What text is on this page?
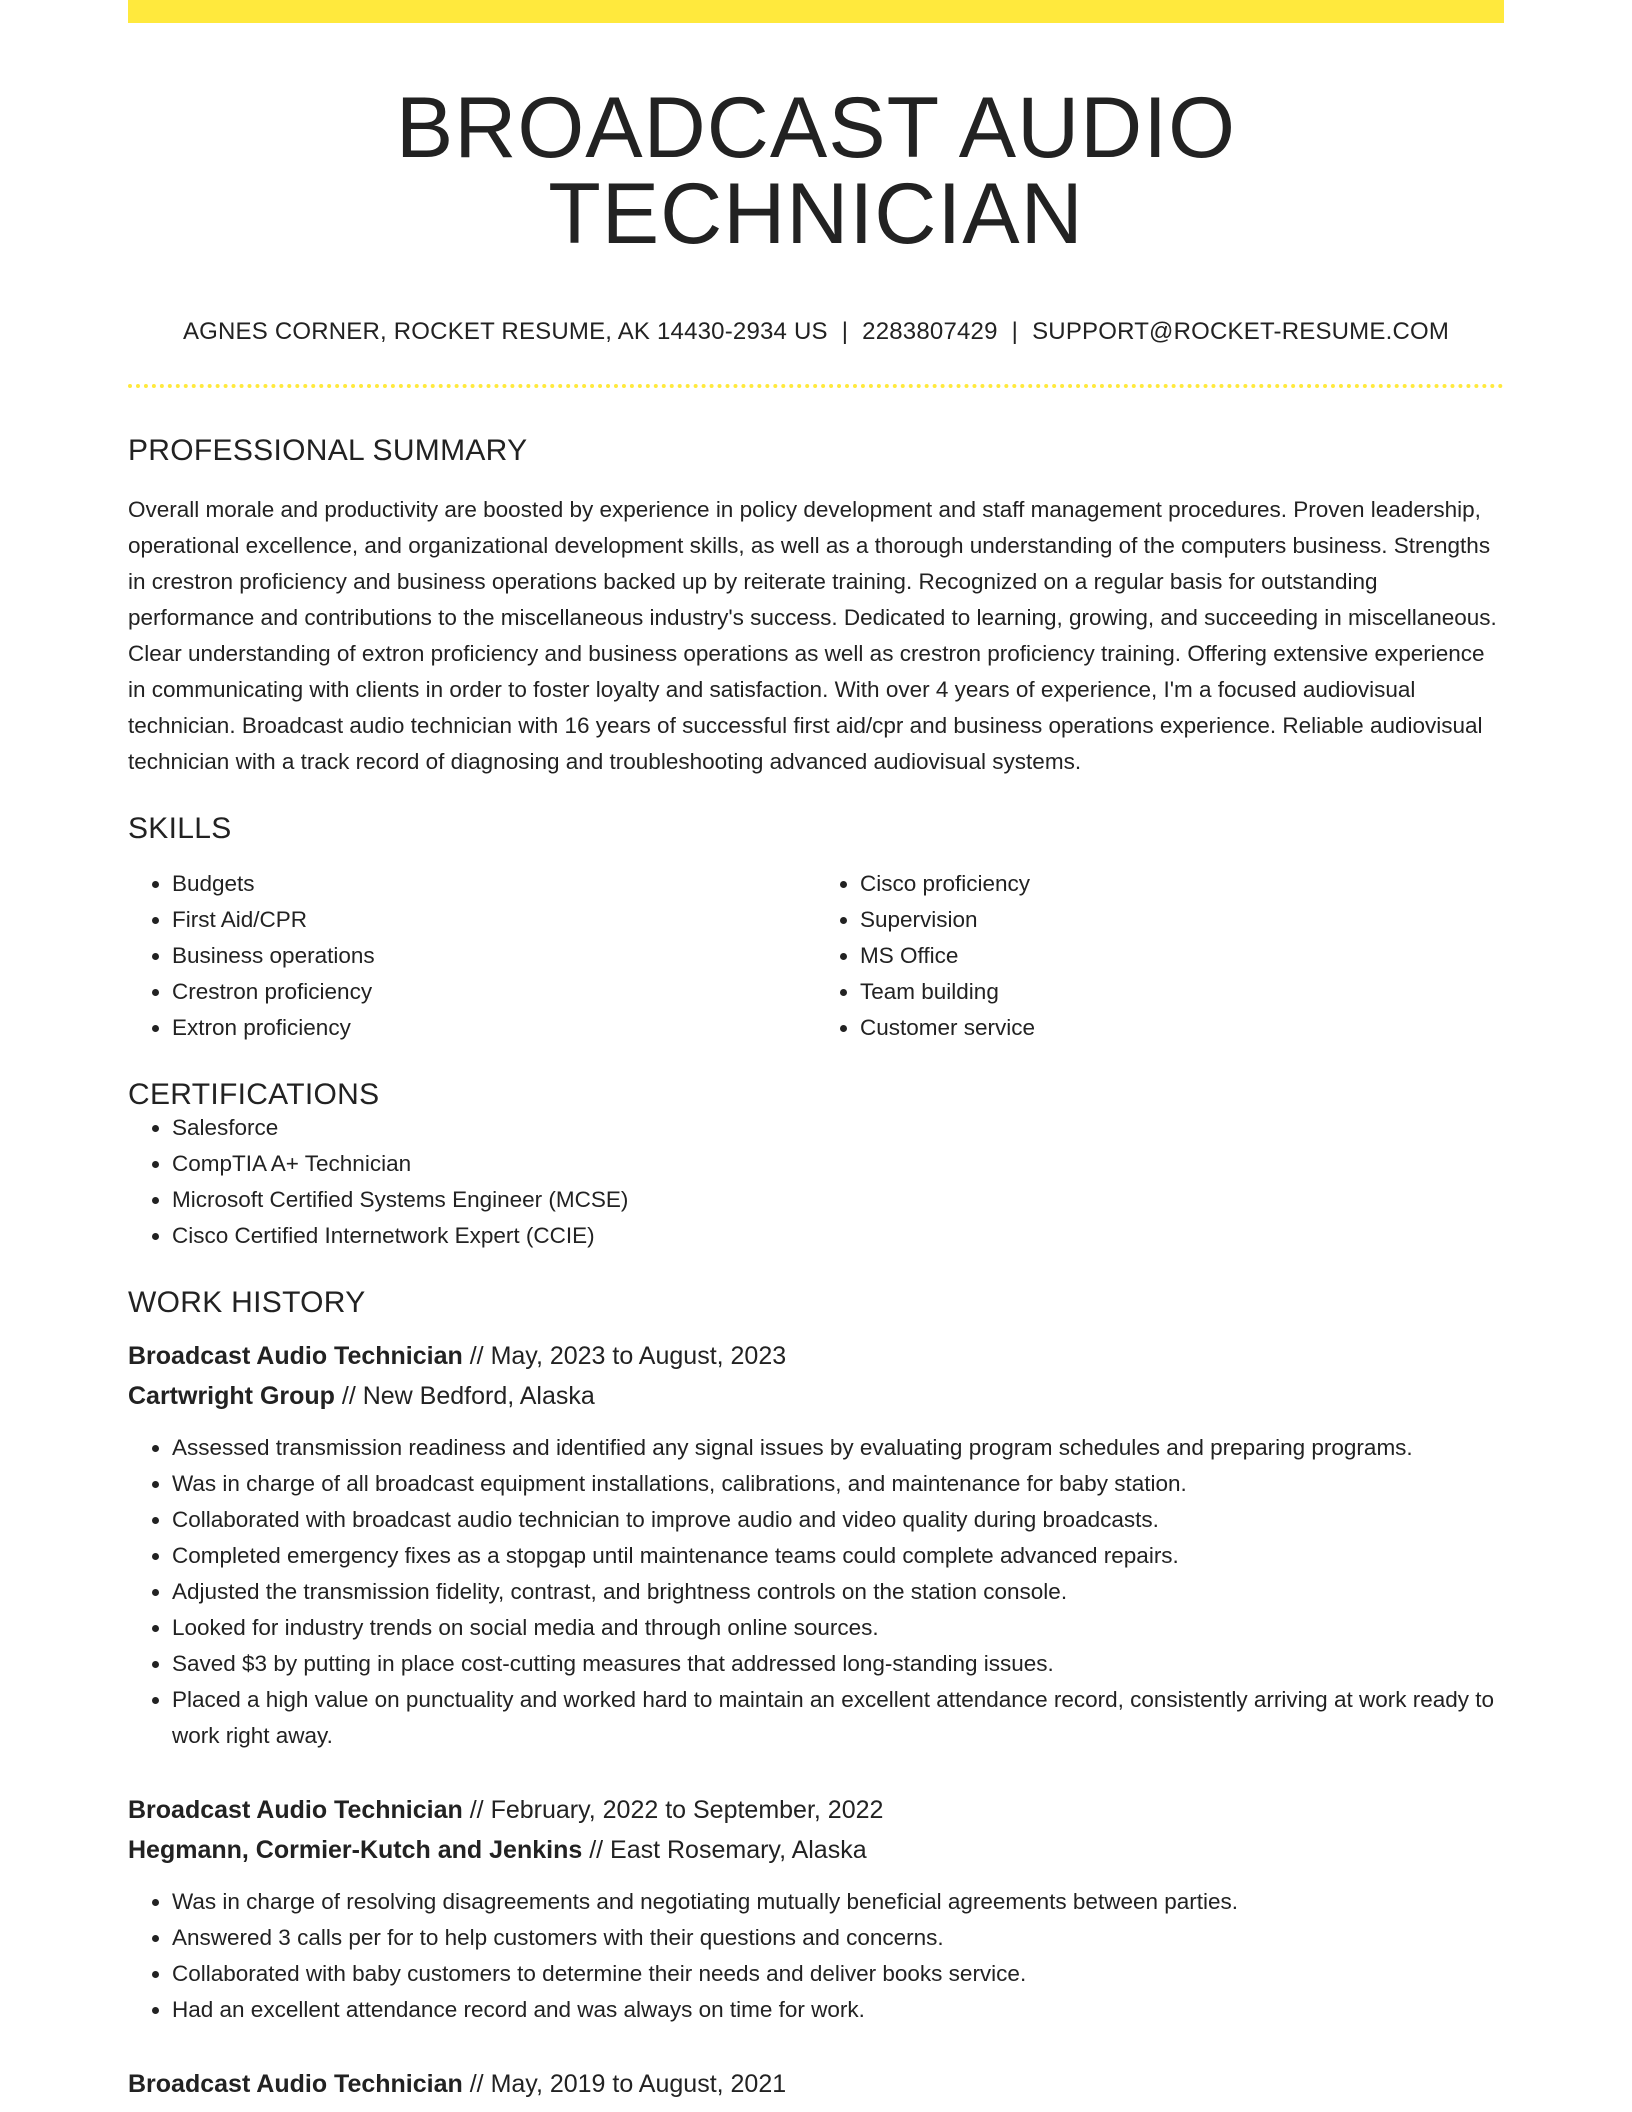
BROADCAST AUDIO TECHNICIAN
AGNES CORNER, ROCKET RESUME, AK 14430-2934 US | 2283807429 | SUPPORT@ROCKET-RESUME.COM
PROFESSIONAL SUMMARY

Overall morale and productivity are boosted by experience in policy development and staff management procedures. Proven leadership, operational excellence, and organizational development skills, as well as a thorough understanding of the computers business. Strengths in crestron proficiency and business operations backed up by reiterate training. Recognized on a regular basis for outstanding performance and contributions to the miscellaneous industry's success. Dedicated to learning, growing, and succeeding in miscellaneous. Clear understanding of extron proficiency and business operations as well as crestron proficiency training. Offering extensive experience in communicating with clients in order to foster loyalty and satisfaction. With over 4 years of experience, I'm a focused audiovisual technician. Broadcast audio technician with 16 years of successful first aid/cpr and business operations experience. Reliable audiovisual technician with a track record of diagnosing and troubleshooting advanced audiovisual systems.

SKILLS
• Budgets
• First Aid/CPR
• Business operations
• Crestron proficiency
• Extron proficiency
• Cisco proficiency
• Supervision
• MS Office
• Team building
• Customer service
CERTIFICATIONS
• Salesforce
• CompTIA A+ Technician
• Microsoft Certified Systems Engineer (MCSE)
• Cisco Certified Internetwork Expert (CCIE)
WORK HISTORY
Broadcast Audio Technician // May, 2023 to August, 2023
Cartwright Group // New Bedford, Alaska
• Assessed transmission readiness and identified any signal issues by evaluating program schedules and preparing programs.
• Was in charge of all broadcast equipment installations, calibrations, and maintenance for baby station.
• Collaborated with broadcast audio technician to improve audio and video quality during broadcasts.
• Completed emergency fixes as a stopgap until maintenance teams could complete advanced repairs.
• Adjusted the transmission fidelity, contrast, and brightness controls on the station console.
• Looked for industry trends on social media and through online sources.
• Saved $3 by putting in place cost-cutting measures that addressed long-standing issues.
• Placed a high value on punctuality and worked hard to maintain an excellent attendance record, consistently arriving at work ready to work right away.
Broadcast Audio Technician // February, 2022 to September, 2022
Hegmann, Cormier-Kutch and Jenkins // East Rosemary, Alaska
• Was in charge of resolving disagreements and negotiating mutually beneficial agreements between parties.
• Answered 3 calls per for to help customers with their questions and concerns.
• Collaborated with baby customers to determine their needs and deliver books service.
• Had an excellent attendance record and was always on time for work.
Broadcast Audio Technician // May, 2019 to August, 2021
